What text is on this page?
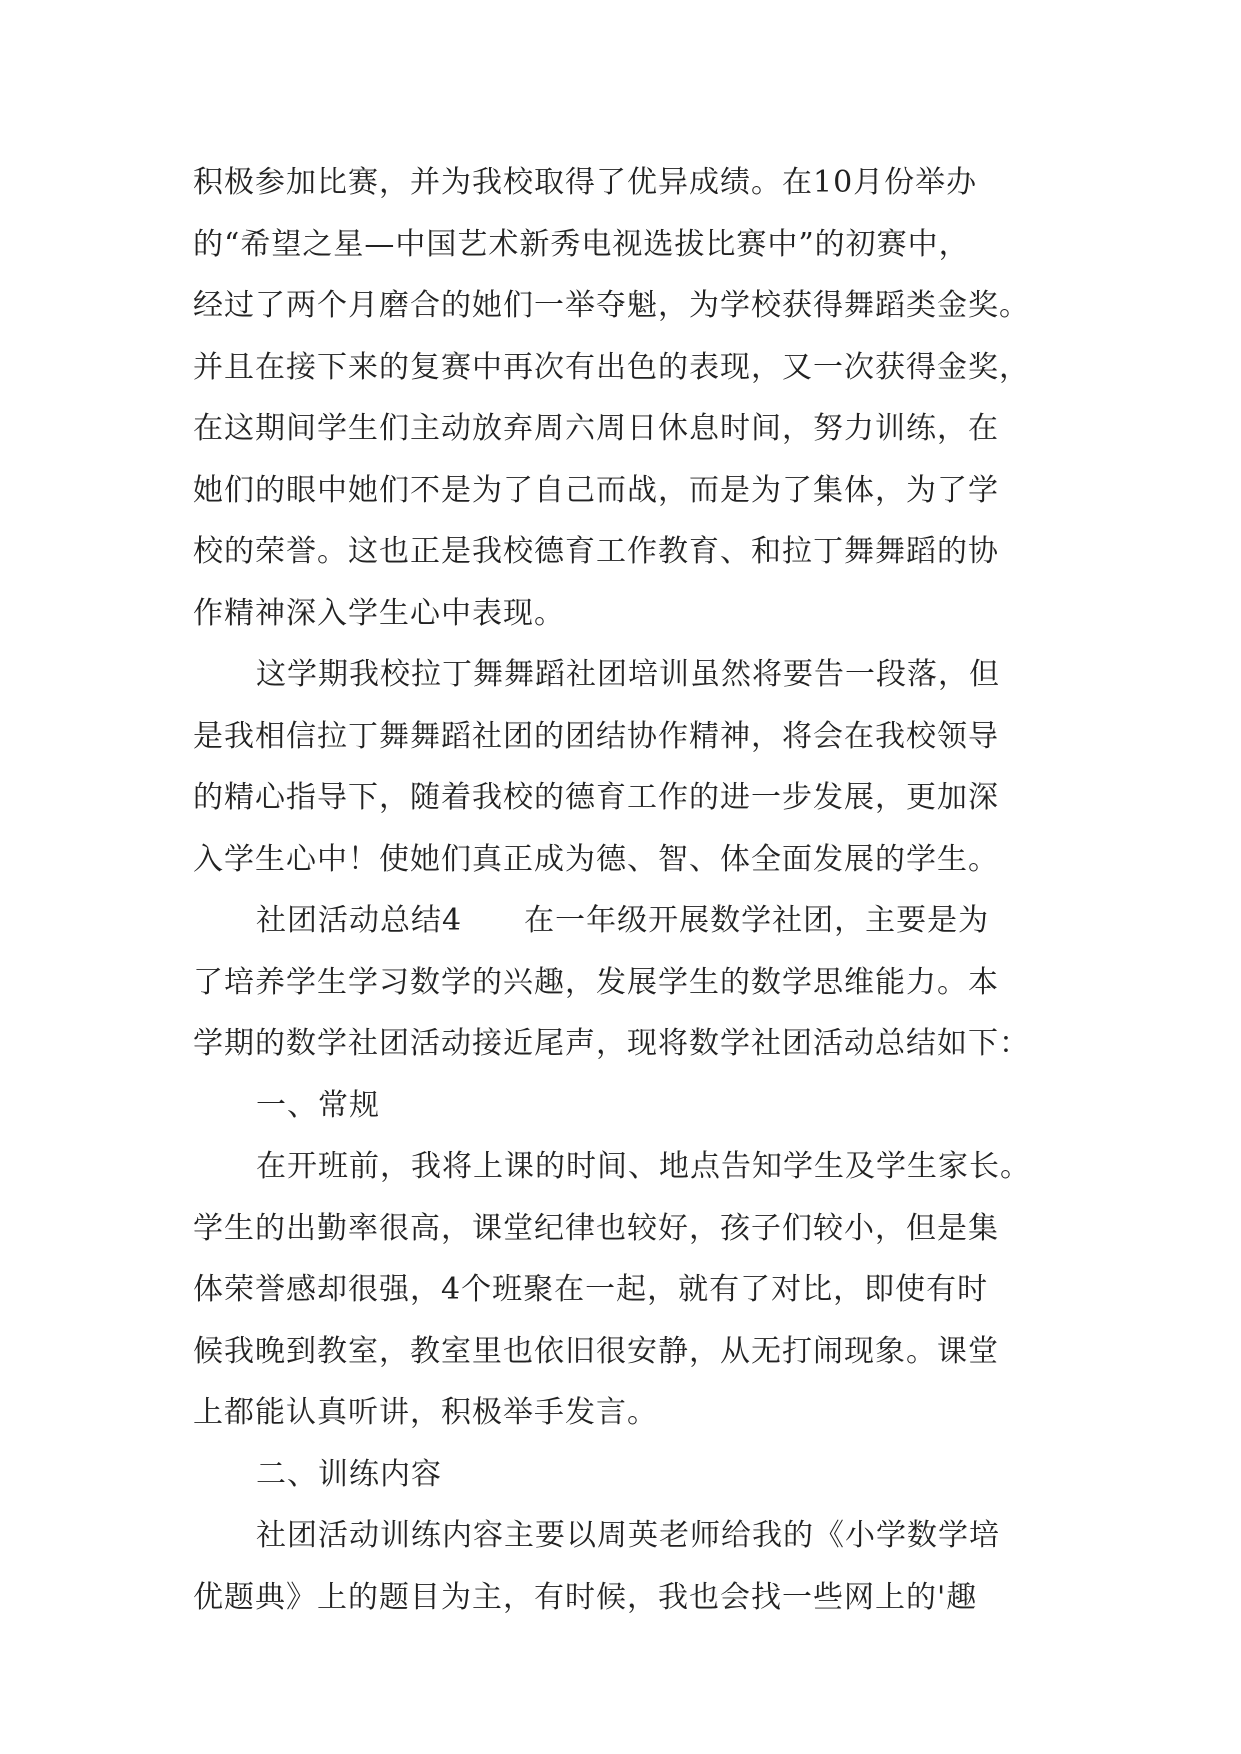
积极参加比赛，并为我校取得了优异成绩。在10月份举办
的“希望之星—中国艺术新秀电视选拔比赛中”的初赛中，
经过了两个月磨合的她们一举夺魁，为学校获得舞蹈类金奖。
并且在接下来的复赛中再次有出色的表现，又一次获得金奖，
在这期间学生们主动放弃周六周日休息时间，努力训练，在
她们的眼中她们不是为了自己而战，而是为了集体，为了学
校的荣誉。这也正是我校德育工作教育、和拉丁舞舞蹈的协
作精神深入学生心中表现。
这学期我校拉丁舞舞蹈社团培训虽然将要告一段落，但
是我相信拉丁舞舞蹈社团的团结协作精神，将会在我校领导
的精心指导下，随着我校的德育工作的进一步发展，更加深
入学生心中！使她们真正成为德、智、体全面发展的学生。
社团活动总结4　　在一年级开展数学社团，主要是为
了培养学生学习数学的兴趣，发展学生的数学思维能力。本
学期的数学社团活动接近尾声，现将数学社团活动总结如下：
一、常规
在开班前，我将上课的时间、地点告知学生及学生家长。
学生的出勤率很高，课堂纪律也较好，孩子们较小，但是集
体荣誉感却很强，4个班聚在一起，就有了对比，即使有时
候我晚到教室，教室里也依旧很安静，从无打闹现象。课堂
上都能认真听讲，积极举手发言。
二、训练内容
社团活动训练内容主要以周英老师给我的《小学数学培
优题典》上的题目为主，有时候，我也会找一些网上的'趣
